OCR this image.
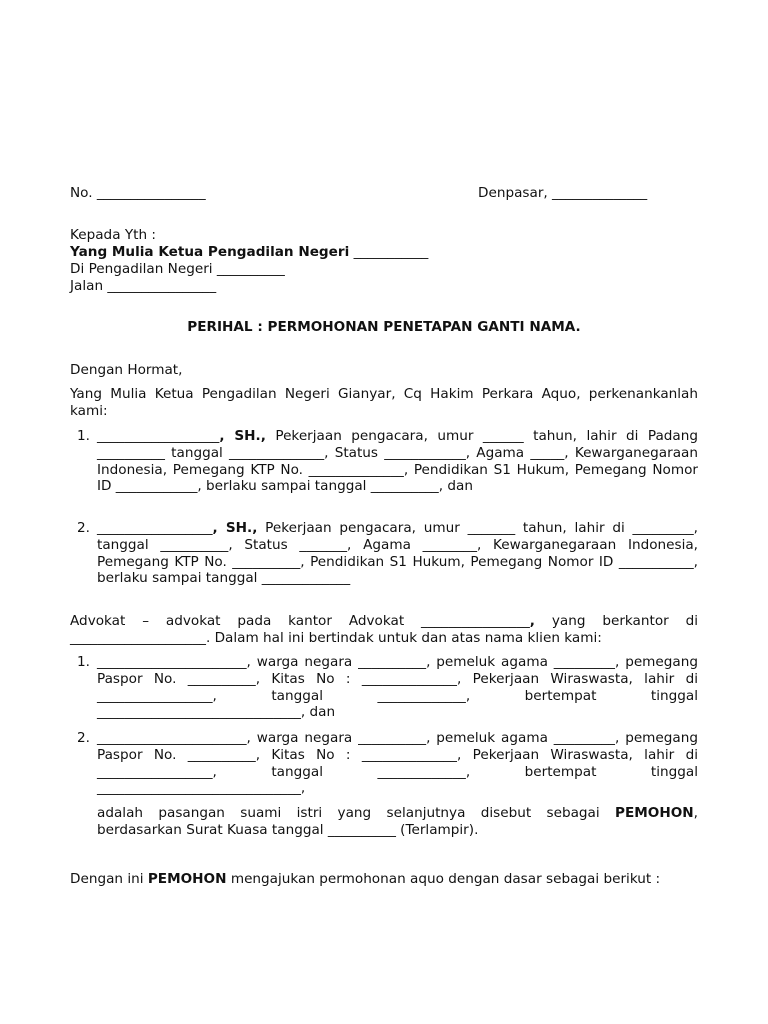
No. ________________	Denpasar, ______________
Kepada Yth :
Yang Mulia Ketua Pengadilan Negeri ___________
Di Pengadilan Negeri __________
Jalan ________________
PERIHAL : PERMOHONAN PENETAPAN GANTI NAMA.
Dengan Hormat,
Yang Mulia Ketua Pengadilan Negeri Gianyar, Cq Hakim Perkara Aquo, perkenankanlah kami:
1. __________________, SH., Pekerjaan pengacara, umur ______ tahun, lahir di Padang __________ tanggal ______________, Status ____________, Agama _____, Kewarganegaraan Indonesia, Pemegang KTP No. ______________, Pendidikan S1 Hukum, Pemegang Nomor ID ____________, berlaku sampai tanggal __________, dan
2. _________________, SH., Pekerjaan pengacara, umur _______ tahun, lahir di _________, tanggal __________, Status _______, Agama ________, Kewarganegaraan Indonesia, Pemegang KTP No. __________, Pendidikan S1 Hukum, Pemegang Nomor ID ___________, berlaku sampai tanggal _____________
Advokat – advokat pada kantor Advokat ________________, yang berkantor di ____________________. Dalam hal ini bertindak untuk dan atas nama klien kami:
1. ______________________, warga negara __________, pemeluk agama _________, pemegang Paspor No. __________, Kitas No : ______________, Pekerjaan Wiraswasta, lahir di _________________, tanggal _____________, bertempat tinggal ______________________________, dan
2. ______________________, warga negara __________, pemeluk agama _________, pemegang Paspor No. __________, Kitas No : ______________, Pekerjaan Wiraswasta, lahir di _________________, tanggal _____________, bertempat tinggal ______________________________,
adalah pasangan suami istri yang selanjutnya disebut sebagai PEMOHON, berdasarkan Surat Kuasa tanggal __________ (Terlampir).
Dengan ini PEMOHON mengajukan permohonan aquo dengan dasar sebagai berikut :
